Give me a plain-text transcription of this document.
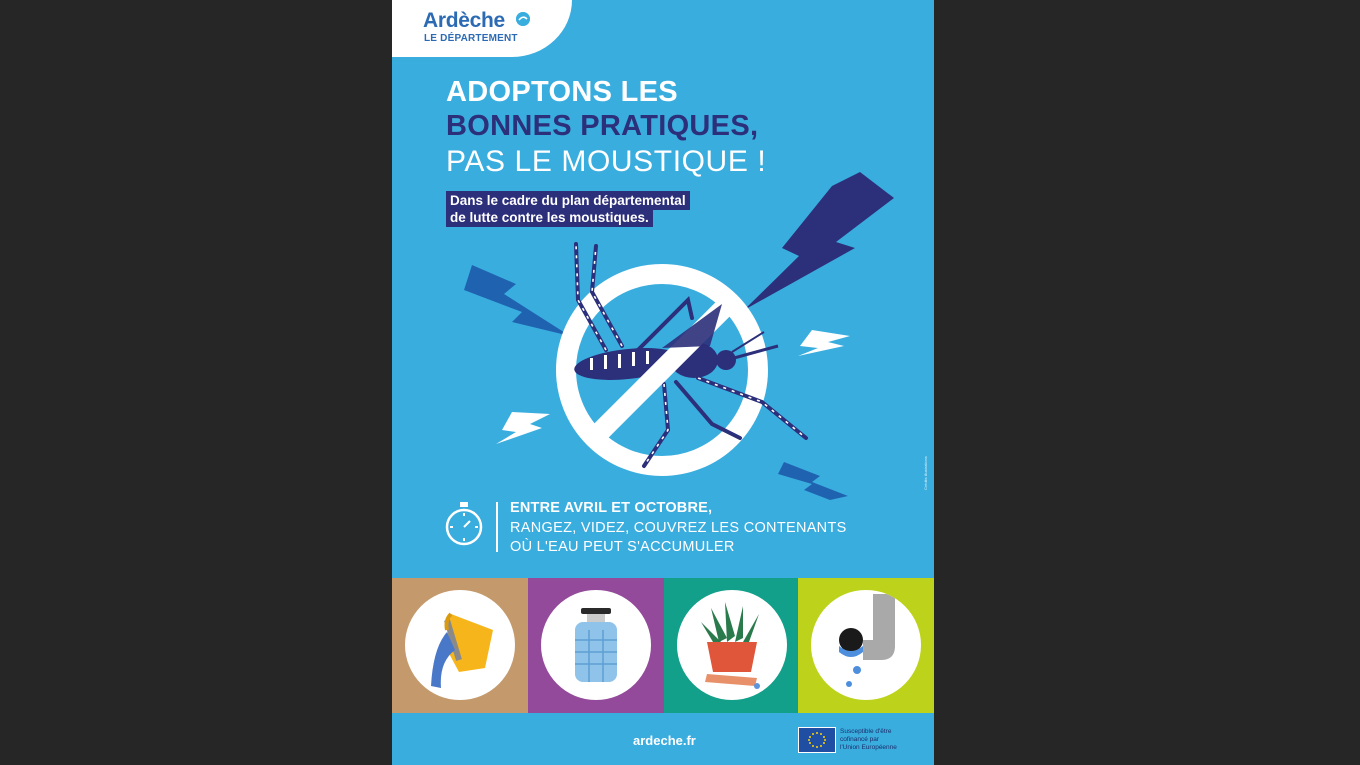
Ardèche
LE DÉPARTEMENT
ADOPTONS LES
BONNES PRATIQUES,
PAS LE MOUSTIQUE !
Dans le cadre du plan départemental
de lutte contre les moustiques.
ENTRE AVRIL ET OCTOBRE,
RANGEZ, VIDEZ, COUVREZ LES CONTENANTS
OÙ L'EAU PEUT S'ACCUMULER
Crédits illustrations
ardeche.fr
Susceptible d'être
cofinancé par
l'Union Européenne
